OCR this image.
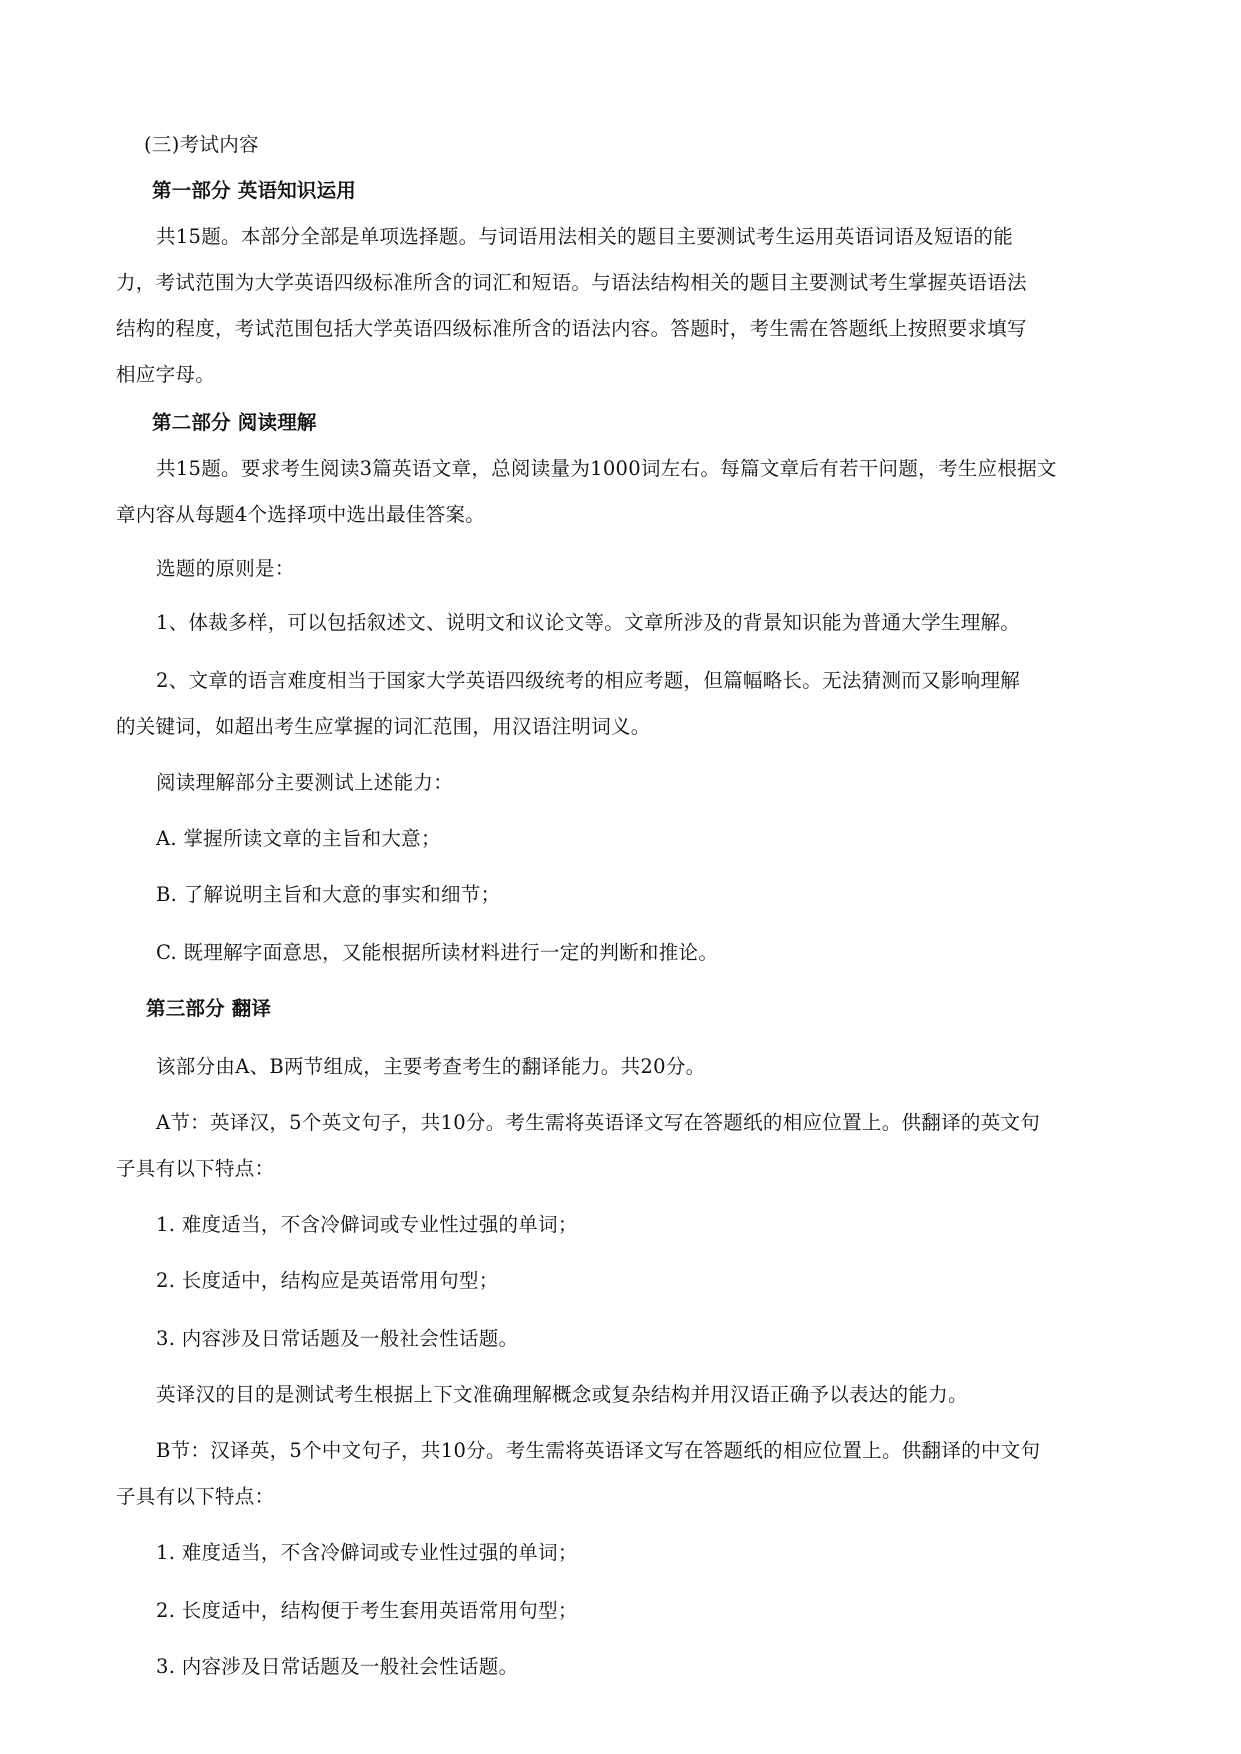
(三)考试内容
第一部分 英语知识运用
共15题。本部分全部是单项选择题。与词语用法相关的题目主要测试考生运用英语词语及短语的能
力，考试范围为大学英语四级标准所含的词汇和短语。与语法结构相关的题目主要测试考生掌握英语语法
结构的程度，考试范围包括大学英语四级标准所含的语法内容。答题时，考生需在答题纸上按照要求填写
相应字母。
第二部分 阅读理解
共15题。要求考生阅读3篇英语文章，总阅读量为1000词左右。每篇文章后有若干问题，考生应根据文
章内容从每题4个选择项中选出最佳答案。
选题的原则是：
1、体裁多样，可以包括叙述文、说明文和议论文等。文章所涉及的背景知识能为普通大学生理解。
2、文章的语言难度相当于国家大学英语四级统考的相应考题，但篇幅略长。无法猜测而又影响理解
的关键词，如超出考生应掌握的词汇范围，用汉语注明词义。
阅读理解部分主要测试上述能力：
A. 掌握所读文章的主旨和大意；
B. 了解说明主旨和大意的事实和细节；
C. 既理解字面意思，又能根据所读材料进行一定的判断和推论。
第三部分 翻译
该部分由A、B两节组成，主要考查考生的翻译能力。共20分。
A节：英译汉，5个英文句子，共10分。考生需将英语译文写在答题纸的相应位置上。供翻译的英文句
子具有以下特点：
1. 难度适当，不含冷僻词或专业性过强的单词；
2. 长度适中，结构应是英语常用句型；
3. 内容涉及日常话题及一般社会性话题。
英译汉的目的是测试考生根据上下文准确理解概念或复杂结构并用汉语正确予以表达的能力。
B节：汉译英，5个中文句子，共10分。考生需将英语译文写在答题纸的相应位置上。供翻译的中文句
子具有以下特点：
1. 难度适当，不含冷僻词或专业性过强的单词；
2. 长度适中，结构便于考生套用英语常用句型；
3. 内容涉及日常话题及一般社会性话题。
